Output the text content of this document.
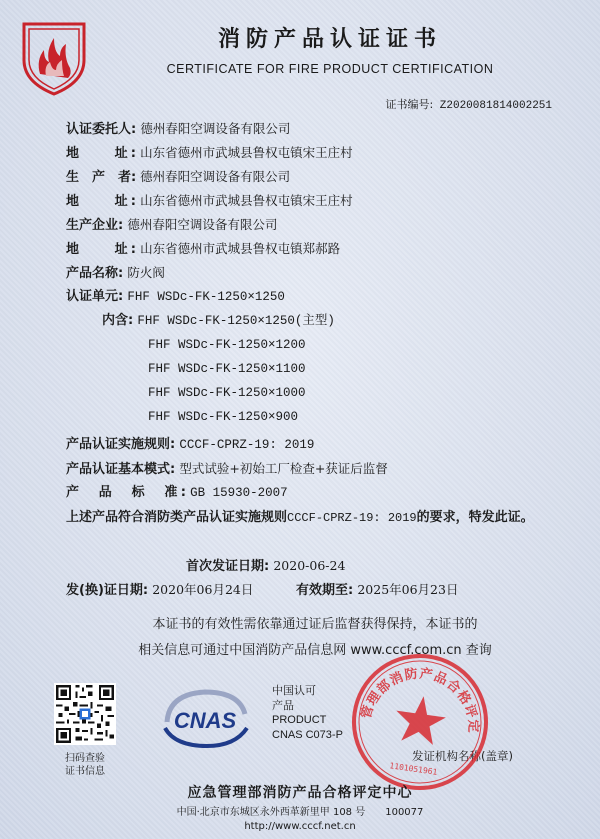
消防产品认证证书
CERTIFICATE FOR FIRE PRODUCT CERTIFICATION
证书编号: Z2020081814002251
认证委托人: 德州春阳空调设备有限公司
地　　址: 山东省德州市武城县鲁权屯镇宋王庄村
生　产　者: 德州春阳空调设备有限公司
地　　址: 山东省德州市武城县鲁权屯镇宋王庄村
生产企业: 德州春阳空调设备有限公司
地　　址: 山东省德州市武城县鲁权屯镇郑郝路
产品名称: 防火阀
认证单元: FHF WSDc-FK-1250×1250
内含: FHF WSDc-FK-1250×1250(主型)
FHF WSDc-FK-1250×1200
FHF WSDc-FK-1250×1100
FHF WSDc-FK-1250×1000
FHF WSDc-FK-1250×900
产品认证实施规则: CCCF-CPRZ-19: 2019
产品认证基本模式: 型式试验+初始工厂检查+获证后监督
产　品　标　准: GB 15930-2007
上述产品符合消防类产品认证实施规则CCCF-CPRZ-19: 2019的要求，特发此证。
首次发证日期: 2020-06-24
发(换)证日期: 2020年06月24日	有效期至: 2025年06月23日
本证书的有效性需依靠通过证后监督获得保持，本证书的
相关信息可通过中国消防产品信息网 www.cccf.com.cn 查询
扫码查验
证书信息
CNAS
中国认可
产品
PRODUCT
CNAS C073-P
发证机构名称(盖章)
应急管理部消防产品合格评定中心
1101051961
应急管理部消防产品合格评定中心
中国·北京市东城区永外西革新里甲 108 号　　100077
http://www.cccf.net.cn
